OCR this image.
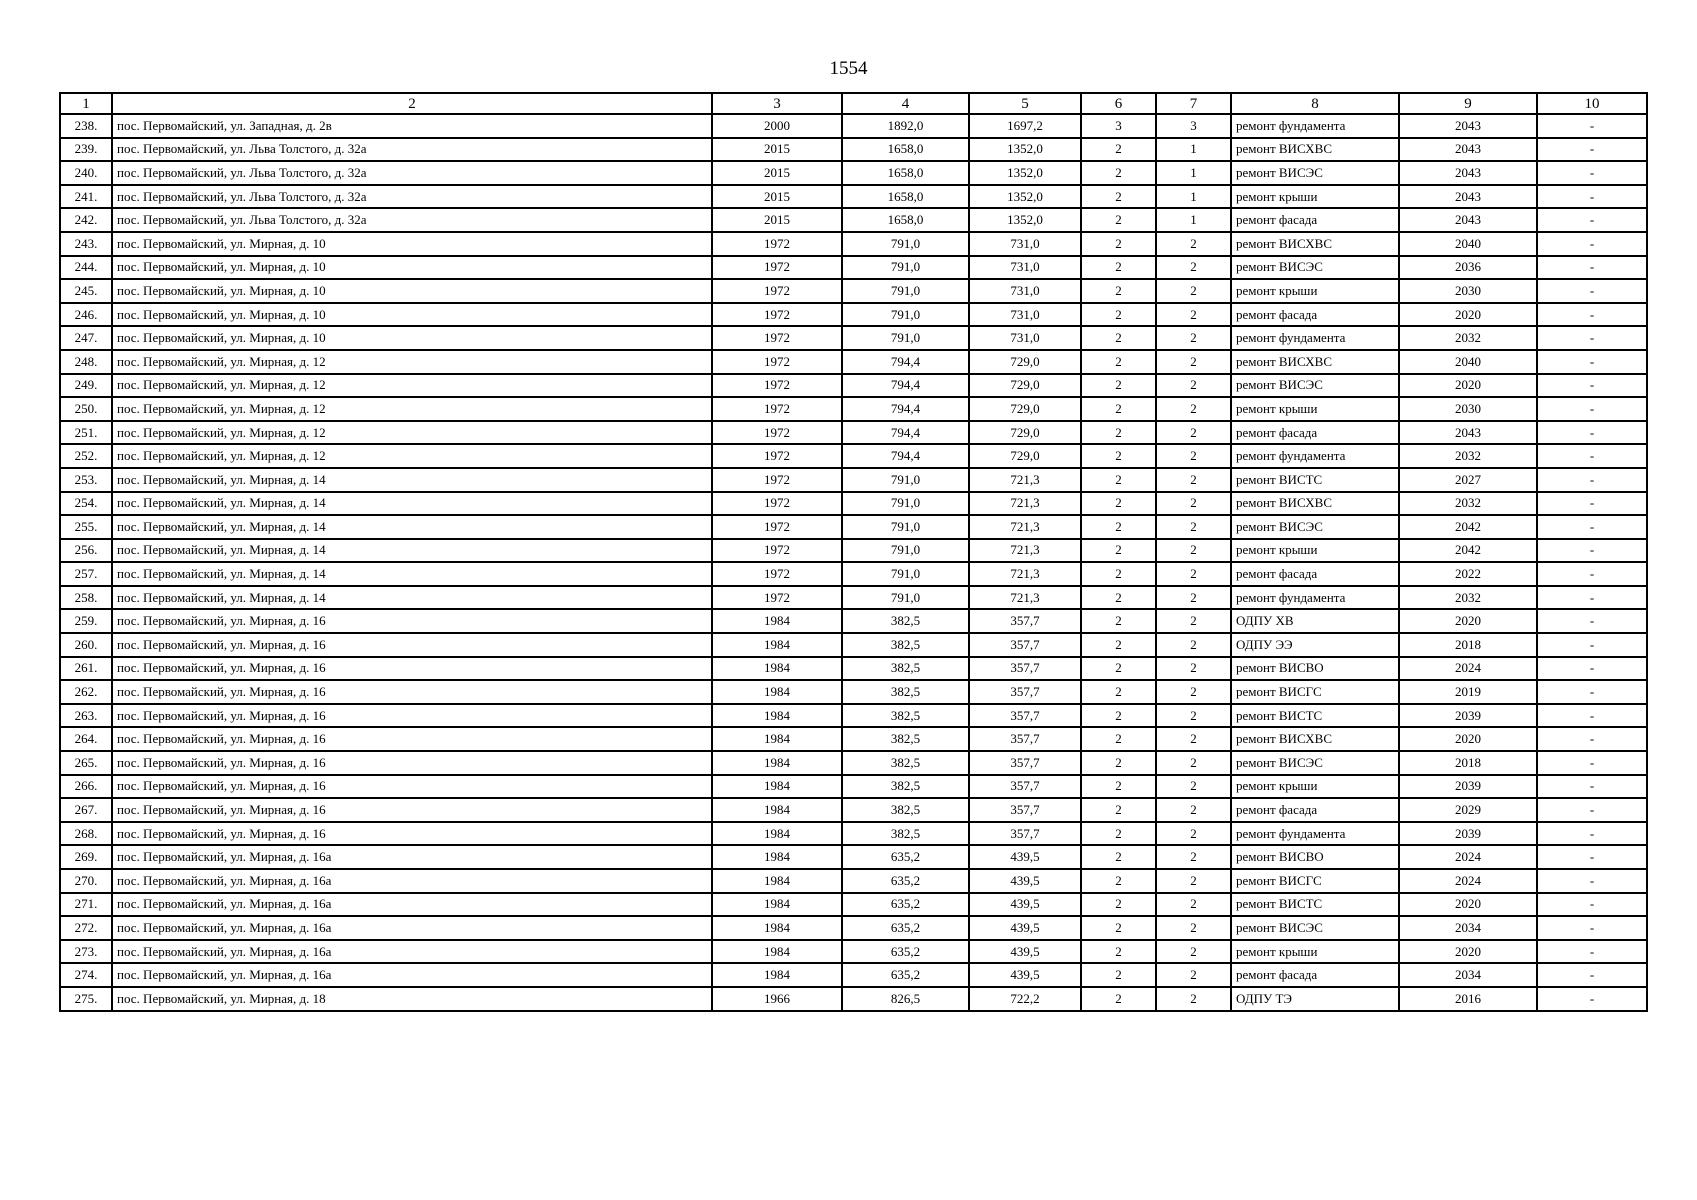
1554
1	2	3	4	5	6	7	8	9	10
238.	пос. Первомайский, ул. Западная, д. 2в	2000	1892,0	1697,2	3	3	ремонт фундамента	2043	-
239.	пос. Первомайский, ул. Льва Толстого, д. 32а	2015	1658,0	1352,0	2	1	ремонт ВИСХВС	2043	-
240.	пос. Первомайский, ул. Льва Толстого, д. 32а	2015	1658,0	1352,0	2	1	ремонт ВИСЭС	2043	-
241.	пос. Первомайский, ул. Льва Толстого, д. 32а	2015	1658,0	1352,0	2	1	ремонт крыши	2043	-
242.	пос. Первомайский, ул. Льва Толстого, д. 32а	2015	1658,0	1352,0	2	1	ремонт фасада	2043	-
243.	пос. Первомайский, ул. Мирная, д. 10	1972	791,0	731,0	2	2	ремонт ВИСХВС	2040	-
244.	пос. Первомайский, ул. Мирная, д. 10	1972	791,0	731,0	2	2	ремонт ВИСЭС	2036	-
245.	пос. Первомайский, ул. Мирная, д. 10	1972	791,0	731,0	2	2	ремонт крыши	2030	-
246.	пос. Первомайский, ул. Мирная, д. 10	1972	791,0	731,0	2	2	ремонт фасада	2020	-
247.	пос. Первомайский, ул. Мирная, д. 10	1972	791,0	731,0	2	2	ремонт фундамента	2032	-
248.	пос. Первомайский, ул. Мирная, д. 12	1972	794,4	729,0	2	2	ремонт ВИСХВС	2040	-
249.	пос. Первомайский, ул. Мирная, д. 12	1972	794,4	729,0	2	2	ремонт ВИСЭС	2020	-
250.	пос. Первомайский, ул. Мирная, д. 12	1972	794,4	729,0	2	2	ремонт крыши	2030	-
251.	пос. Первомайский, ул. Мирная, д. 12	1972	794,4	729,0	2	2	ремонт фасада	2043	-
252.	пос. Первомайский, ул. Мирная, д. 12	1972	794,4	729,0	2	2	ремонт фундамента	2032	-
253.	пос. Первомайский, ул. Мирная, д. 14	1972	791,0	721,3	2	2	ремонт ВИСТС	2027	-
254.	пос. Первомайский, ул. Мирная, д. 14	1972	791,0	721,3	2	2	ремонт ВИСХВС	2032	-
255.	пос. Первомайский, ул. Мирная, д. 14	1972	791,0	721,3	2	2	ремонт ВИСЭС	2042	-
256.	пос. Первомайский, ул. Мирная, д. 14	1972	791,0	721,3	2	2	ремонт крыши	2042	-
257.	пос. Первомайский, ул. Мирная, д. 14	1972	791,0	721,3	2	2	ремонт фасада	2022	-
258.	пос. Первомайский, ул. Мирная, д. 14	1972	791,0	721,3	2	2	ремонт фундамента	2032	-
259.	пос. Первомайский, ул. Мирная, д. 16	1984	382,5	357,7	2	2	ОДПУ ХВ	2020	-
260.	пос. Первомайский, ул. Мирная, д. 16	1984	382,5	357,7	2	2	ОДПУ ЭЭ	2018	-
261.	пос. Первомайский, ул. Мирная, д. 16	1984	382,5	357,7	2	2	ремонт ВИСВО	2024	-
262.	пос. Первомайский, ул. Мирная, д. 16	1984	382,5	357,7	2	2	ремонт ВИСГС	2019	-
263.	пос. Первомайский, ул. Мирная, д. 16	1984	382,5	357,7	2	2	ремонт ВИСТС	2039	-
264.	пос. Первомайский, ул. Мирная, д. 16	1984	382,5	357,7	2	2	ремонт ВИСХВС	2020	-
265.	пос. Первомайский, ул. Мирная, д. 16	1984	382,5	357,7	2	2	ремонт ВИСЭС	2018	-
266.	пос. Первомайский, ул. Мирная, д. 16	1984	382,5	357,7	2	2	ремонт крыши	2039	-
267.	пос. Первомайский, ул. Мирная, д. 16	1984	382,5	357,7	2	2	ремонт фасада	2029	-
268.	пос. Первомайский, ул. Мирная, д. 16	1984	382,5	357,7	2	2	ремонт фундамента	2039	-
269.	пос. Первомайский, ул. Мирная, д. 16а	1984	635,2	439,5	2	2	ремонт ВИСВО	2024	-
270.	пос. Первомайский, ул. Мирная, д. 16а	1984	635,2	439,5	2	2	ремонт ВИСГС	2024	-
271.	пос. Первомайский, ул. Мирная, д. 16а	1984	635,2	439,5	2	2	ремонт ВИСТС	2020	-
272.	пос. Первомайский, ул. Мирная, д. 16а	1984	635,2	439,5	2	2	ремонт ВИСЭС	2034	-
273.	пос. Первомайский, ул. Мирная, д. 16а	1984	635,2	439,5	2	2	ремонт крыши	2020	-
274.	пос. Первомайский, ул. Мирная, д. 16а	1984	635,2	439,5	2	2	ремонт фасада	2034	-
275.	пос. Первомайский, ул. Мирная, д. 18	1966	826,5	722,2	2	2	ОДПУ ТЭ	2016	-
